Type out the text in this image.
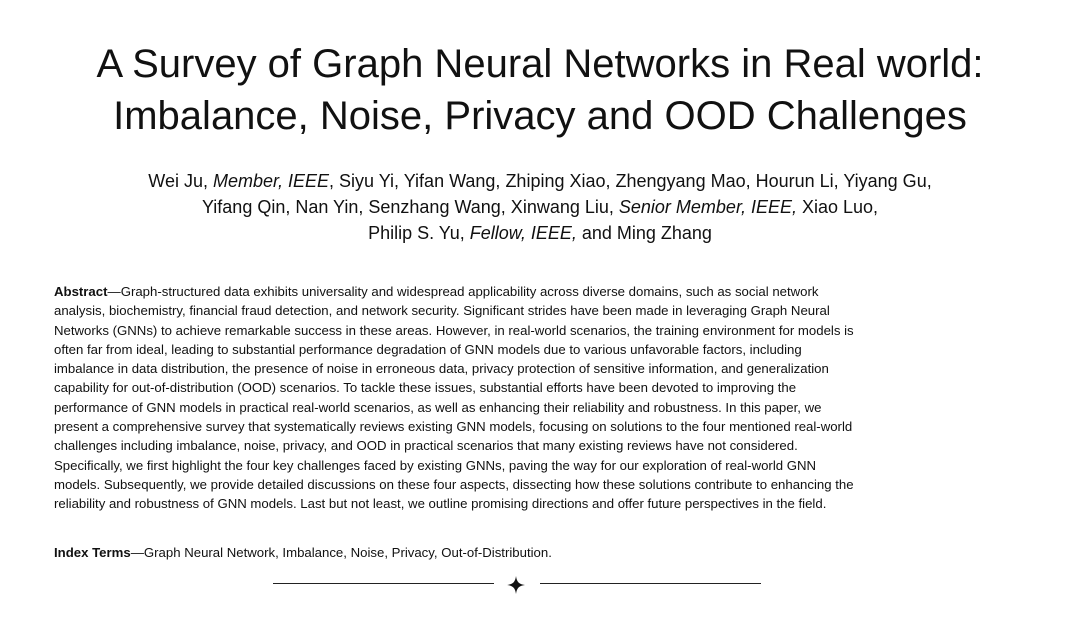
A Survey of Graph Neural Networks in Real world:
Imbalance, Noise, Privacy and OOD Challenges
Wei Ju, Member, IEEE, Siyu Yi, Yifan Wang, Zhiping Xiao, Zhengyang Mao, Hourun Li, Yiyang Gu,
Yifang Qin, Nan Yin, Senzhang Wang, Xinwang Liu, Senior Member, IEEE, Xiao Luo,
Philip S. Yu, Fellow, IEEE, and Ming Zhang
Abstract—Graph-structured data exhibits universality and widespread applicability across diverse domains, such as social network
analysis, biochemistry, financial fraud detection, and network security. Significant strides have been made in leveraging Graph Neural
Networks (GNNs) to achieve remarkable success in these areas. However, in real-world scenarios, the training environment for models is
often far from ideal, leading to substantial performance degradation of GNN models due to various unfavorable factors, including
imbalance in data distribution, the presence of noise in erroneous data, privacy protection of sensitive information, and generalization
capability for out-of-distribution (OOD) scenarios. To tackle these issues, substantial efforts have been devoted to improving the
performance of GNN models in practical real-world scenarios, as well as enhancing their reliability and robustness. In this paper, we
present a comprehensive survey that systematically reviews existing GNN models, focusing on solutions to the four mentioned real-world
challenges including imbalance, noise, privacy, and OOD in practical scenarios that many existing reviews have not considered.
Specifically, we first highlight the four key challenges faced by existing GNNs, paving the way for our exploration of real-world GNN
models. Subsequently, we provide detailed discussions on these four aspects, dissecting how these solutions contribute to enhancing the
reliability and robustness of GNN models. Last but not least, we outline promising directions and offer future perspectives in the field.
Index Terms—Graph Neural Network, Imbalance, Noise, Privacy, Out-of-Distribution.
